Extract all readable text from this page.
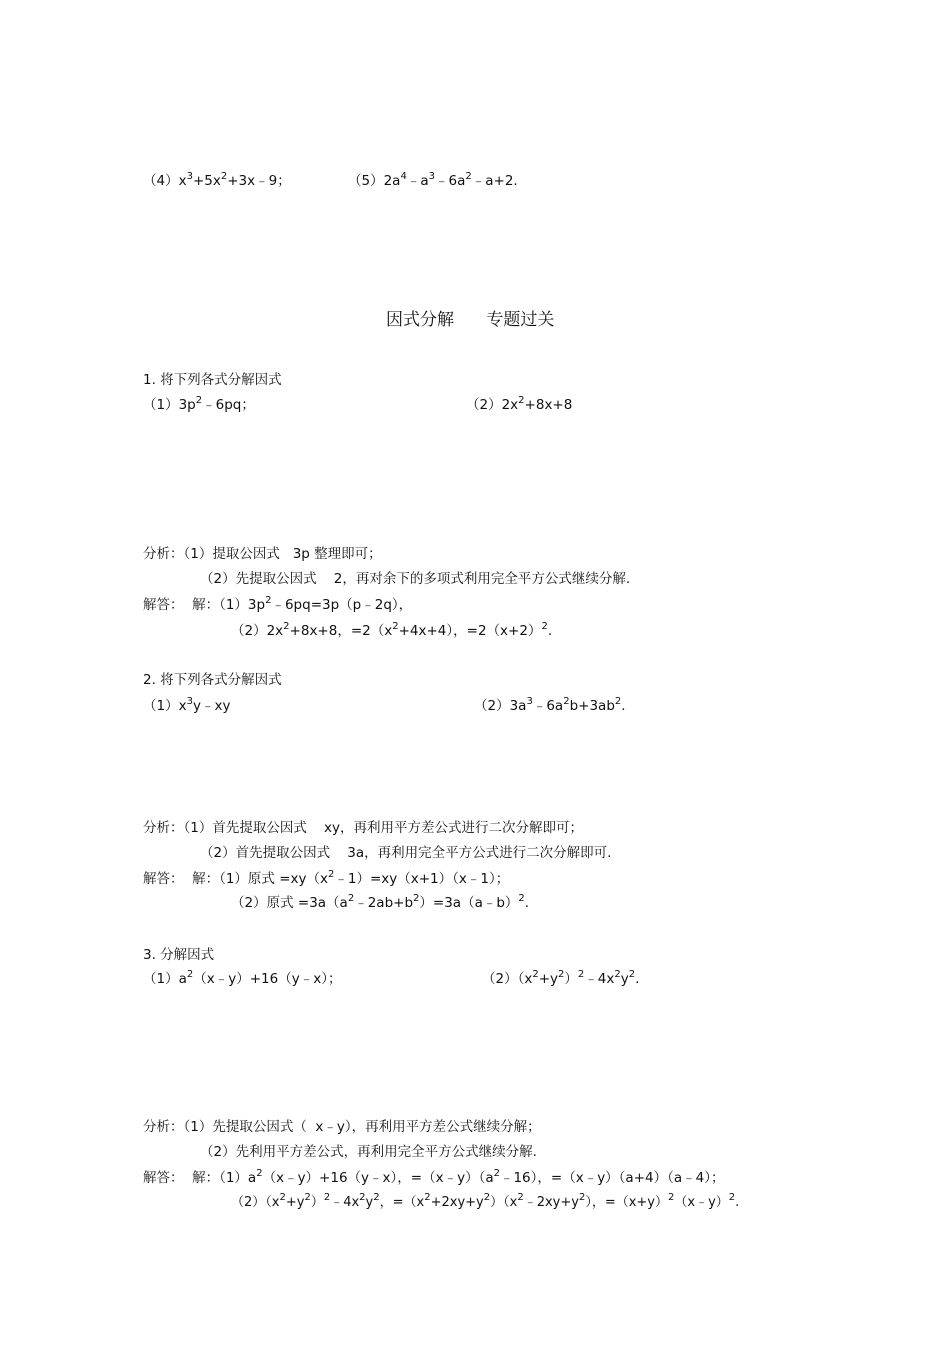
$(4)x^3+5x^2+3x﹣9$；	$(5)2a^4﹣a^3﹣6a^2﹣a+2$.
因式分解      专题过关
1. 将下列各式分解因式
$(1)3p^2﹣6pq$；	$(2)2x^2+8x+8$
分析：（1）提取公因式   3p 整理即可；
（2）先提取公因式    2，再对余下的多项式利用完全平方公式继续分解.
解答：  解：$(1)3p^2﹣6pq=3p(p﹣2q)$，
$(2)2x^2+8x+8$，$=2(x^2+4x+4)$，$=2(x+2)^2$.
2. 将下列各式分解因式
$(1)x^3y﹣xy$	$(2)3a^3﹣6a^2b+3ab^2$.
分析：（1）首先提取公因式    xy，再利用平方差公式进行二次分解即可；
（2）首先提取公因式    3a，再利用完全平方公式进行二次分解即可.
解答：  解：（1）原式 $=xy(x^2﹣1)=xy(x+1)(x﹣1)$；
（2）原式 $=3a(a^2﹣2ab+b^2)=3a(a﹣b)^2$.
3. 分解因式
$(1)a^2(x﹣y)+16(y﹣x)$；	$(2)(x^2+y^2)^2﹣4x^2y^2$.
分析：（1）先提取公因式（  x﹣y），再利用平方差公式继续分解；
（2）先利用平方差公式，再利用完全平方公式继续分解.
解答：  解：$(1)a^2(x﹣y)+16(y﹣x)$，$=(x﹣y)(a^2﹣16)$，=（x﹣y）（a+4）（a﹣4）；
$(2)(x^2+y^2)^2﹣4x^2y^2$，$=(x^2+2xy+y^2)(x^2﹣2xy+y^2)$，$=(x+y)^2(x﹣y)^2$.
